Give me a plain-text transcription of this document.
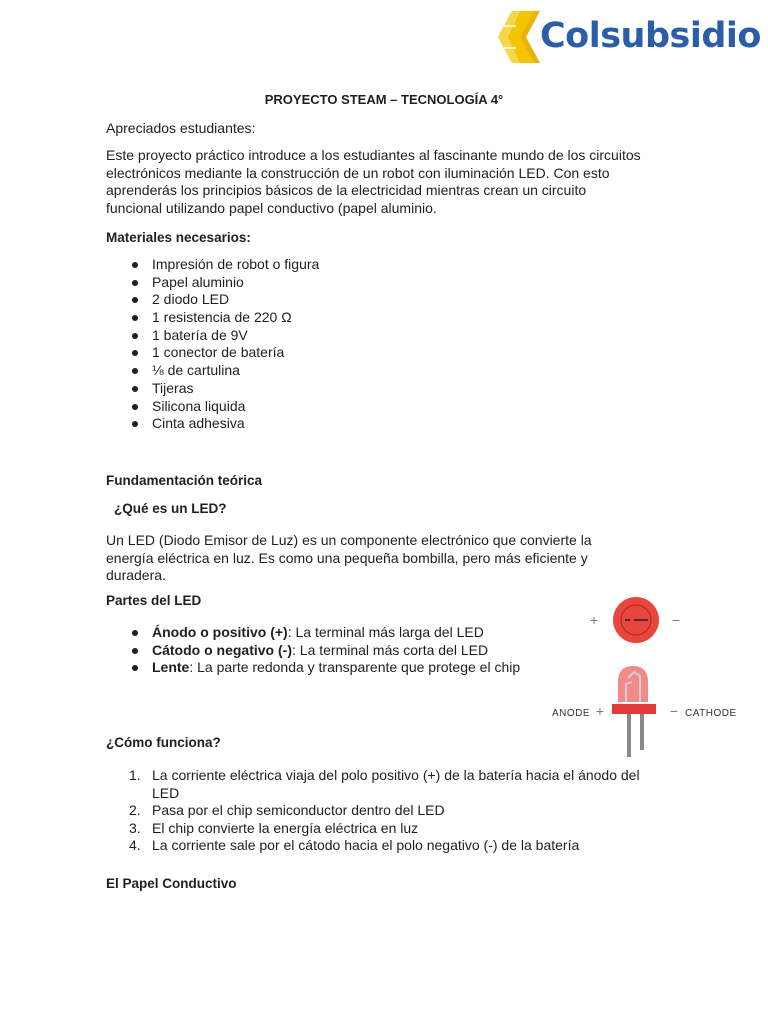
Colsubsidio
PROYECTO STEAM – TECNOLOGÍA 4°
Apreciados estudiantes:
Este proyecto práctico introduce a los estudiantes al fascinante mundo de los circuitos electrónicos mediante la construcción de un robot con iluminación LED. Con esto aprenderás los principios básicos de la electricidad mientras crean un circuito funcional utilizando papel conductivo (papel aluminio.
Materiales necesarios:
Impresión de robot o figura
Papel aluminio
2 diodo LED
1 resistencia de 220 Ω
1 batería de 9V
1 conector de batería
⅛ de cartulina
Tijeras
Silicona liquida
Cinta adhesiva
Fundamentación teórica
¿Qué es un LED?
Un LED (Diodo Emisor de Luz) es un componente electrónico que convierte la energía eléctrica en luz. Es como una pequeña bombilla, pero más eficiente y duradera.
Partes del LED
Ánodo o positivo (+): La terminal más larga del LED
Cátodo o negativo (-): La terminal más corta del LED
Lente: La parte redonda y transparente que protege el chip
+	−
ANODE +	− CATHODE
¿Cómo funciona?
1. La corriente eléctrica viaja del polo positivo (+) de la batería hacia el ánodo del LED
2. Pasa por el chip semiconductor dentro del LED
3. El chip convierte la energía eléctrica en luz
4. La corriente sale por el cátodo hacia el polo negativo (-) de la batería
El Papel Conductivo
